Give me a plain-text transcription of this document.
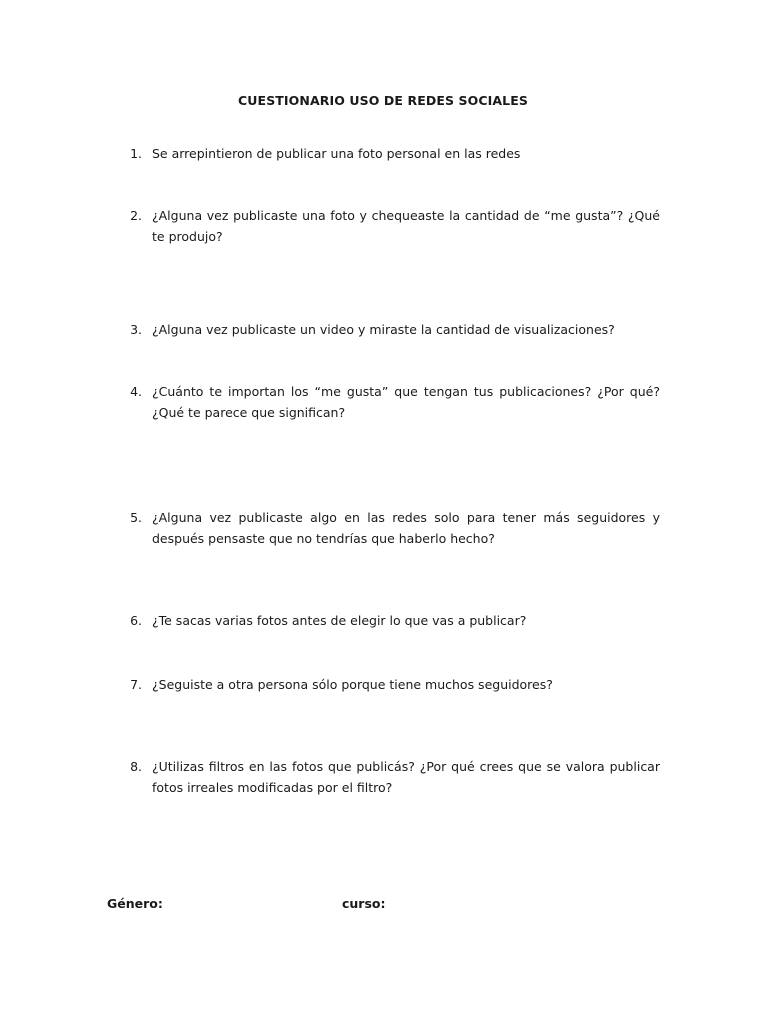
CUESTIONARIO USO DE REDES SOCIALES
1. Se arrepintieron de publicar una foto personal en las redes
2. ¿Alguna vez publicaste una foto y chequeaste la cantidad de “me gusta”? ¿Qué te produjo?
3. ¿Alguna vez publicaste un video y miraste la cantidad de visualizaciones?
4. ¿Cuánto te importan los “me gusta” que tengan tus publicaciones? ¿Por qué? ¿Qué te parece que significan?
5. ¿Alguna vez publicaste algo en las redes solo para tener más seguidores y después pensaste que no tendrías que haberlo hecho?
6. ¿Te sacas varias fotos antes de elegir lo que vas a publicar?
7. ¿Seguiste a otra persona sólo porque tiene muchos seguidores?
8. ¿Utilizas filtros en las fotos que publicás? ¿Por qué crees que se valora publicar fotos irreales modificadas por el filtro?
Género:	curso:
